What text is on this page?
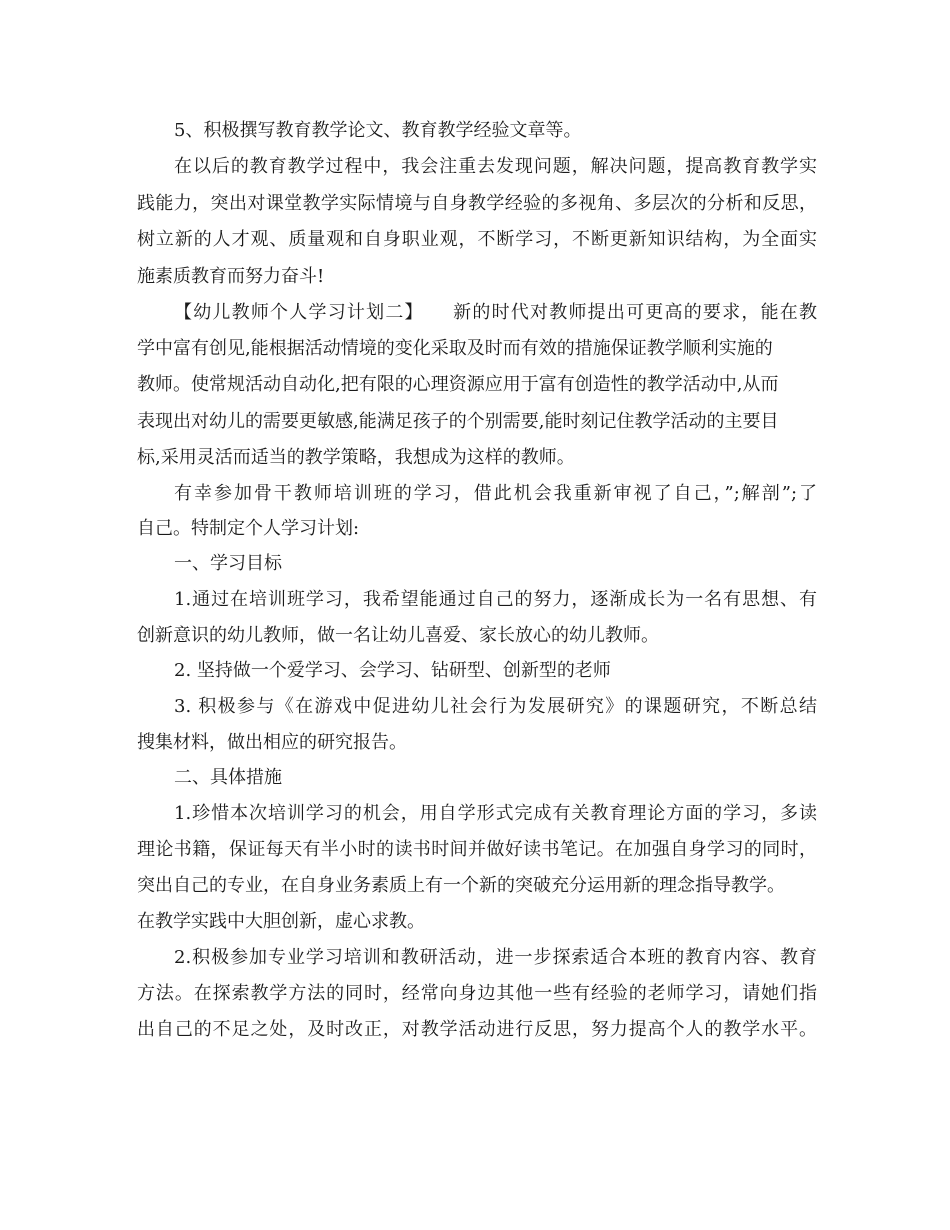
5、积极撰写教育教学论文、教育教学经验文章等。
在以后的教育教学过程中，我会注重去发现问题，解决问题，提高教育教学实
践能力，突出对课堂教学实际情境与自身教学经验的多视角、多层次的分析和反思，
树立新的人才观、质量观和自身职业观，不断学习，不断更新知识结构，为全面实
施素质教育而努力奋斗!
【幼儿教师个人学习计划二】　　新的时代对教师提出可更高的要求，能在教
学中富有创见,能根据活动情境的变化采取及时而有效的措施保证教学顺利实施的
教师。使常规活动自动化,把有限的心理资源应用于富有创造性的教学活动中,从而
表现出对幼儿的需要更敏感,能满足孩子的个别需要,能时刻记住教学活动的主要目
标,采用灵活而适当的教学策略，我想成为这样的教师。
有幸参加骨干教师培训班的学习，借此机会我重新审视了自己，”;解剖”;了
自己。特制定个人学习计划:
一、学习目标
1.通过在培训班学习，我希望能通过自己的努力，逐渐成长为一名有思想、有
创新意识的幼儿教师，做一名让幼儿喜爱、家长放心的幼儿教师。
2. 坚持做一个爱学习、会学习、钻研型、创新型的老师
3. 积极参与《在游戏中促进幼儿社会行为发展研究》的课题研究，不断总结
搜集材料，做出相应的研究报告。
二、具体措施
1.珍惜本次培训学习的机会，用自学形式完成有关教育理论方面的学习，多读
理论书籍，保证每天有半小时的读书时间并做好读书笔记。在加强自身学习的同时，
突出自己的专业，在自身业务素质上有一个新的突破充分运用新的理念指导教学。
在教学实践中大胆创新，虚心求教。
2.积极参加专业学习培训和教研活动，进一步探索适合本班的教育内容、教育
方法。在探索教学方法的同时，经常向身边其他一些有经验的老师学习，请她们指
出自己的不足之处，及时改正，对教学活动进行反思，努力提高个人的教学水平。
